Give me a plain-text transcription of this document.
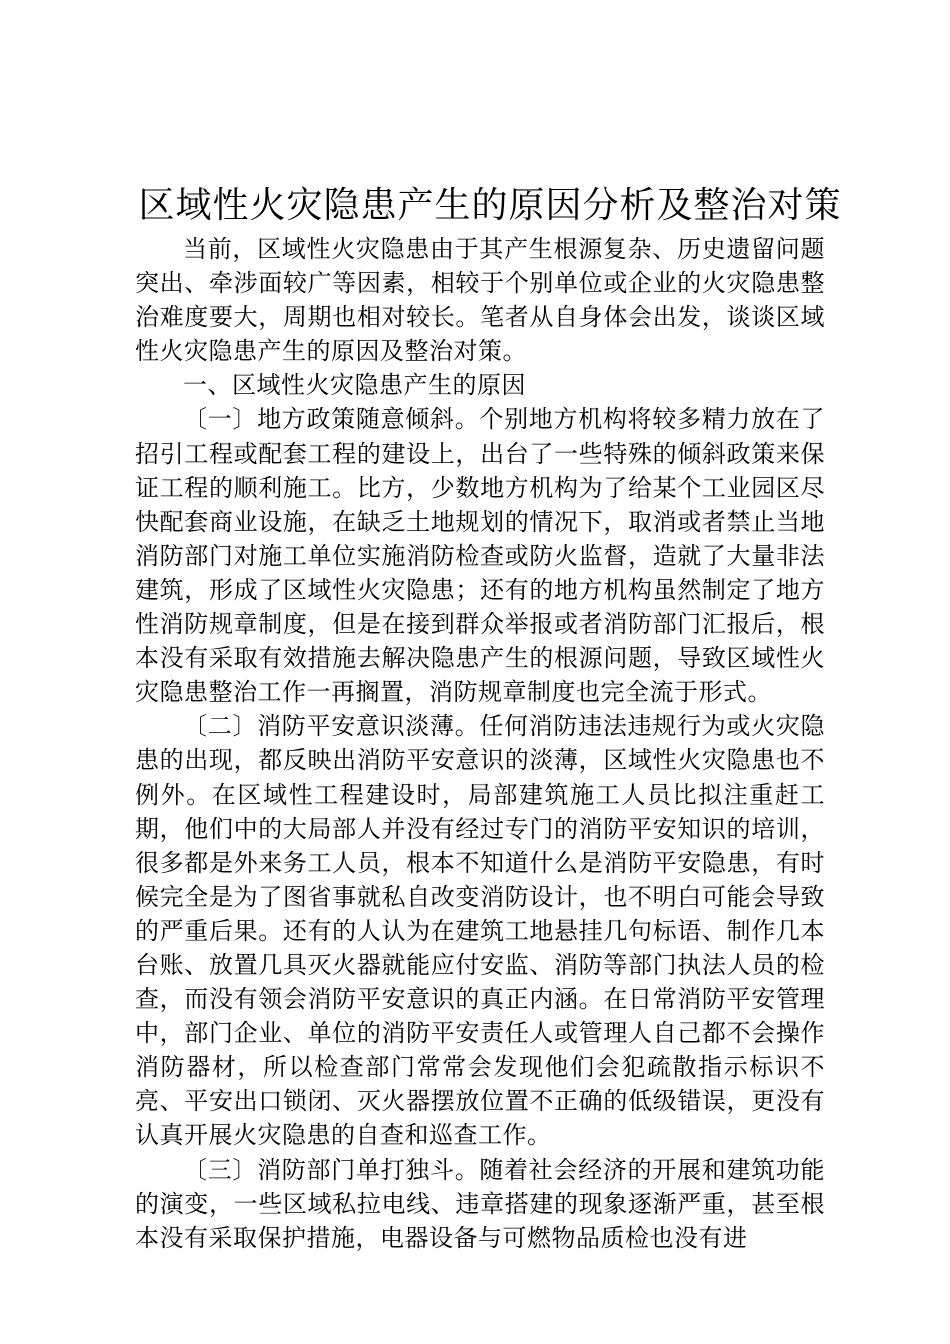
区域性火灾隐患产生的原因分析及整治对策

当前，区域性火灾隐患由于其产生根源复杂、历史遗留问题突出、牵涉面较广等因素，相较于个别单位或企业的火灾隐患整治难度要大，周期也相对较长。笔者从自身体会出发，谈谈区域性火灾隐患产生的原因及整治对策。

一、区域性火灾隐患产生的原因

〔一〕地方政策随意倾斜。个别地方机构将较多精力放在了招引工程或配套工程的建设上，出台了一些特殊的倾斜政策来保证工程的顺利施工。比方，少数地方机构为了给某个工业园区尽快配套商业设施，在缺乏土地规划的情况下，取消或者禁止当地消防部门对施工单位实施消防检查或防火监督，造就了大量非法建筑，形成了区域性火灾隐患；还有的地方机构虽然制定了地方性消防规章制度，但是在接到群众举报或者消防部门汇报后，根本没有采取有效措施去解决隐患产生的根源问题，导致区域性火灾隐患整治工作一再搁置，消防规章制度也完全流于形式。

〔二〕消防平安意识淡薄。任何消防违法违规行为或火灾隐患的出现，都反映出消防平安意识的淡薄，区域性火灾隐患也不例外。在区域性工程建设时，局部建筑施工人员比拟注重赶工期，他们中的大局部人并没有经过专门的消防平安知识的培训，很多都是外来务工人员，根本不知道什么是消防平安隐患，有时候完全是为了图省事就私自改变消防设计，也不明白可能会导致的严重后果。还有的人认为在建筑工地悬挂几句标语、制作几本台账、放置几具灭火器就能应付安监、消防等部门执法人员的检查，而没有领会消防平安意识的真正内涵。在日常消防平安管理中，部门企业、单位的消防平安责任人或管理人自己都不会操作消防器材，所以检查部门常常会发现他们会犯疏散指示标识不亮、平安出口锁闭、灭火器摆放位置不正确的低级错误，更没有认真开展火灾隐患的自查和巡查工作。

〔三〕消防部门单打独斗。随着社会经济的开展和建筑功能的演变，一些区域私拉电线、违章搭建的现象逐渐严重，甚至根本没有采取保护措施，电器设备与可燃物品质检也没有进
